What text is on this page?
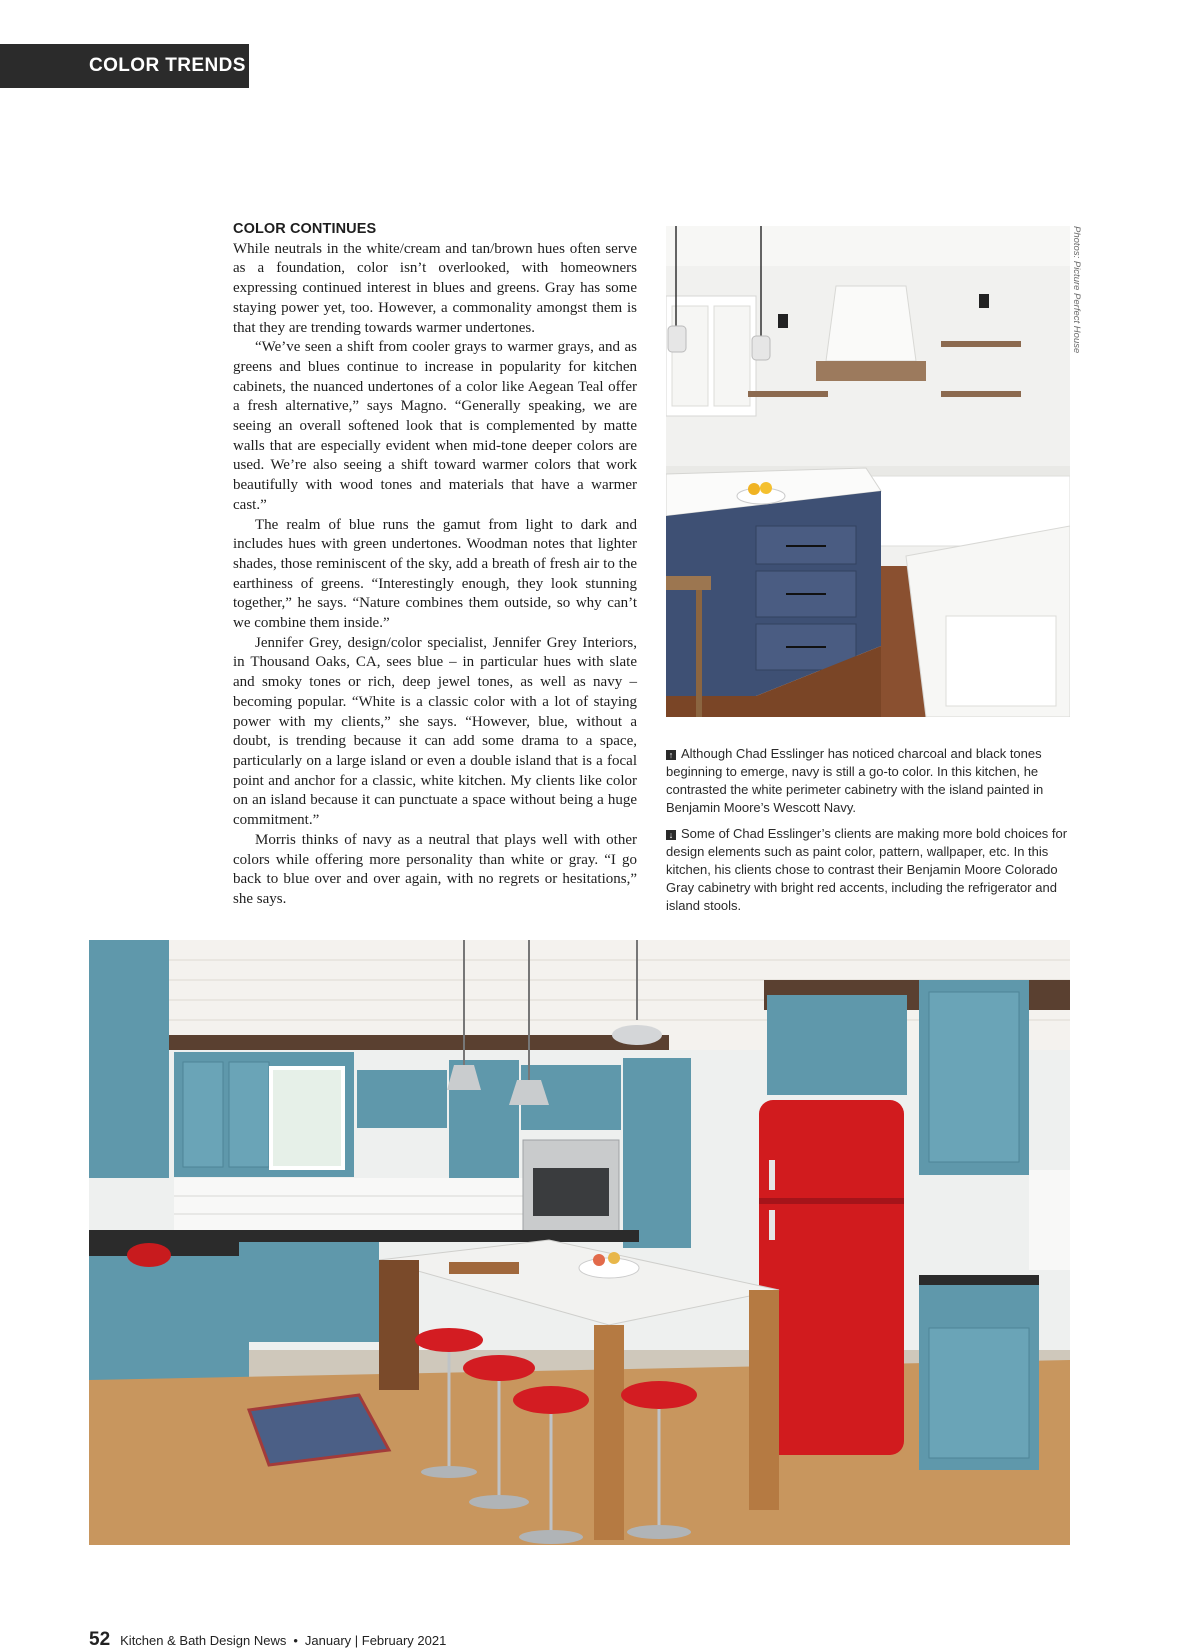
COLOR TRENDS
COLOR CONTINUES

While neutrals in the white/cream and tan/brown hues often serve as a foundation, color isn’t overlooked, with homeowners expressing continued interest in blues and greens. Gray has some staying power yet, too. However, a commonality amongst them is that they are trending towards warmer undertones.

“We’ve seen a shift from cooler grays to warmer grays, and as greens and blues continue to increase in popularity for kitchen cabinets, the nuanced undertones of a color like Aegean Teal offer a fresh alternative,” says Magno. “Generally speaking, we are seeing an overall softened look that is complemented by matte walls that are especially evident when mid-tone deeper colors are used. We’re also seeing a shift toward warmer colors that work beautifully with wood tones and materials that have a warmer cast.”

The realm of blue runs the gamut from light to dark and includes hues with green undertones. Woodman notes that lighter shades, those reminiscent of the sky, add a breath of fresh air to the earthiness of greens. “Interestingly enough, they look stunning together,” he says. “Nature combines them outside, so why can’t we combine them inside.”

Jennifer Grey, design/color specialist, Jennifer Grey Interiors, in Thousand Oaks, CA, sees blue – in particular hues with slate and smoky tones or rich, deep jewel tones, as well as navy – becoming popular. “White is a classic color with a lot of staying power with my clients,” she says. “However, blue, without a doubt, is trending because it can add some drama to a space, particularly on a large island or even a double island that is a focal point and anchor for a classic, white kitchen. My clients like color on an island because it can punctuate a space without being a huge commitment.”

Morris thinks of navy as a neutral that plays well with other colors while offering more personality than white or gray. “I go back to blue over and over again, with no regrets or hesitations,” she says.

Photos: Picture Perfect House
↑ Although Chad Esslinger has noticed charcoal and black tones beginning to emerge, navy is still a go-to color. In this kitchen, he contrasted the white perimeter cabinetry with the island painted in Benjamin Moore’s Wescott Navy.
↓ Some of Chad Esslinger’s clients are making more bold choices for design elements such as paint color, pattern, wallpaper, etc. In this kitchen, his clients chose to contrast their Benjamin Moore Colorado Gray cabinetry with bright red accents, including the refrigerator and island stools.
52 Kitchen & Bath Design News • January | February 2021
